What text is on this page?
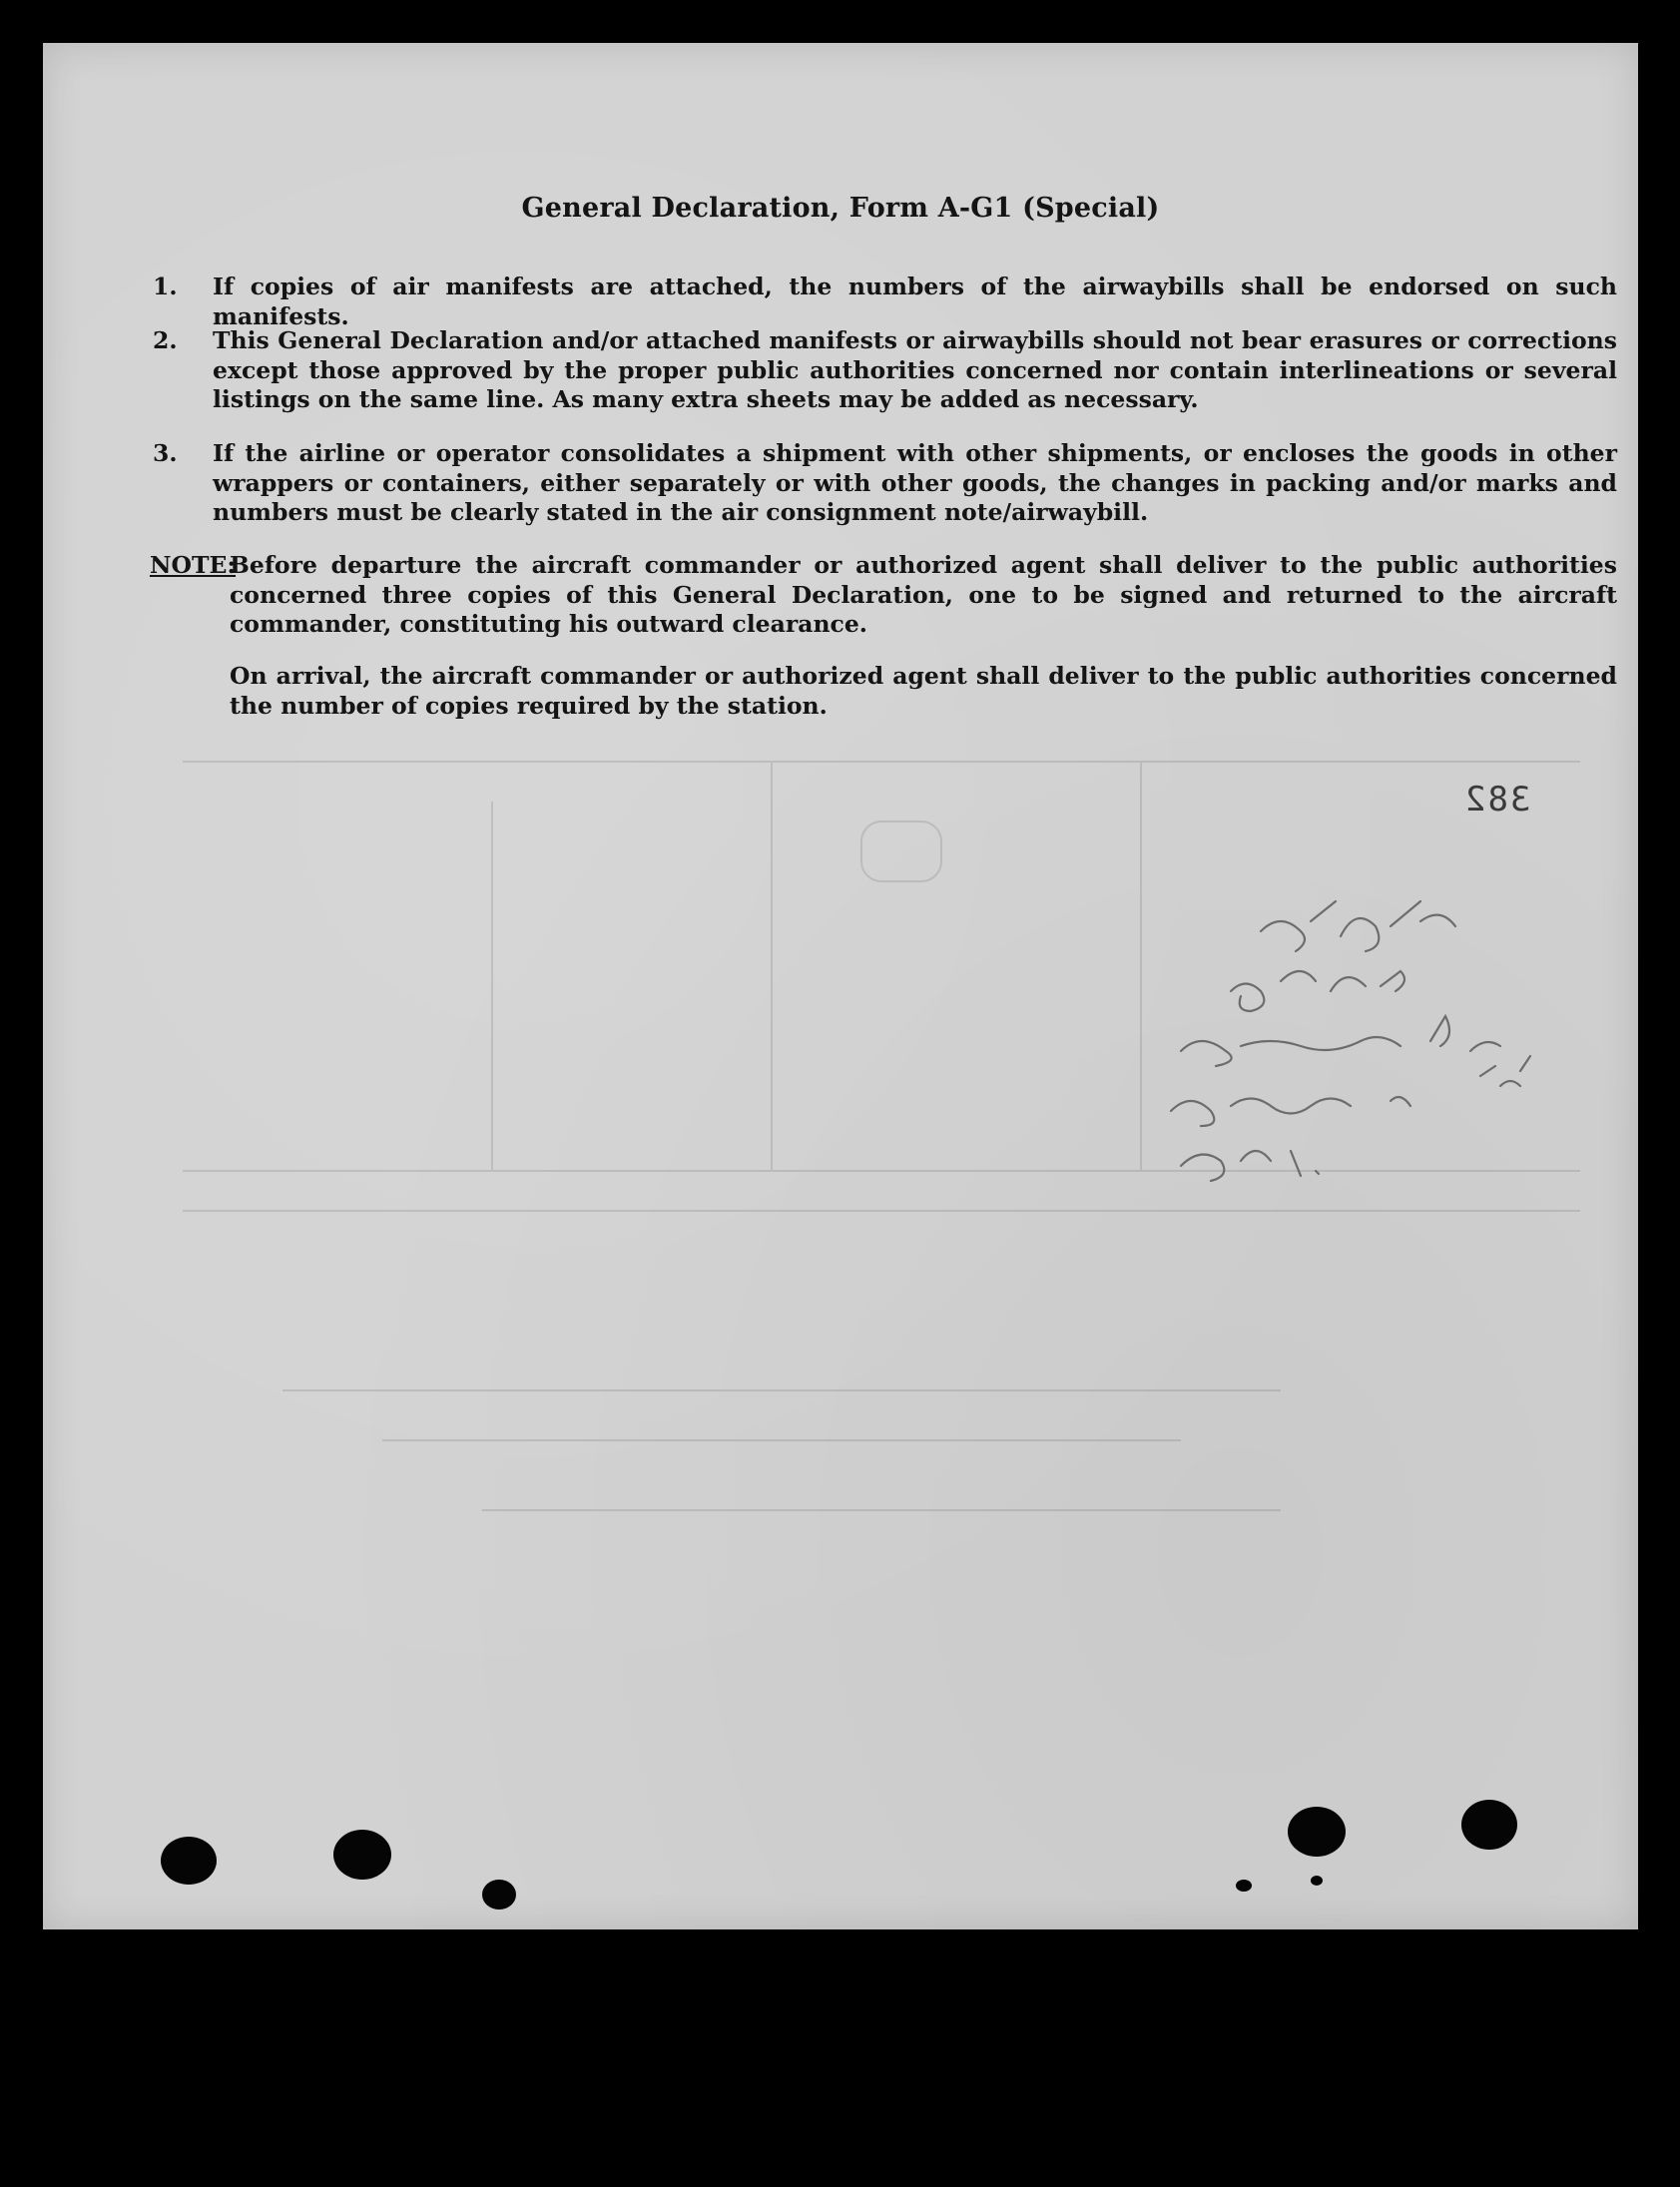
General Declaration, Form A-G1 (Special)
1.	If copies of air manifests are attached, the numbers of the airwaybills shall be endorsed on such manifests.
2.	This General Declaration and/or attached manifests or airwaybills should not bear erasures or corrections except those approved by the proper public authorities concerned nor contain interlineations or several listings on the same line. As many extra sheets may be added as necessary.
3.	If the airline or operator consolidates a shipment with other shipments, or encloses the goods in other wrappers or containers, either separately or with other goods, the changes in packing and/or marks and numbers must be clearly stated in the air consignment note/airwaybill.
NOTE:
Before departure the aircraft commander or authorized agent shall deliver to the public authorities concerned three copies of this General Declaration, one to be signed and returned to the aircraft commander, constituting his outward clearance.
On arrival, the aircraft commander or authorized agent shall deliver to the public authorities concerned the number of copies required by the station.
382
